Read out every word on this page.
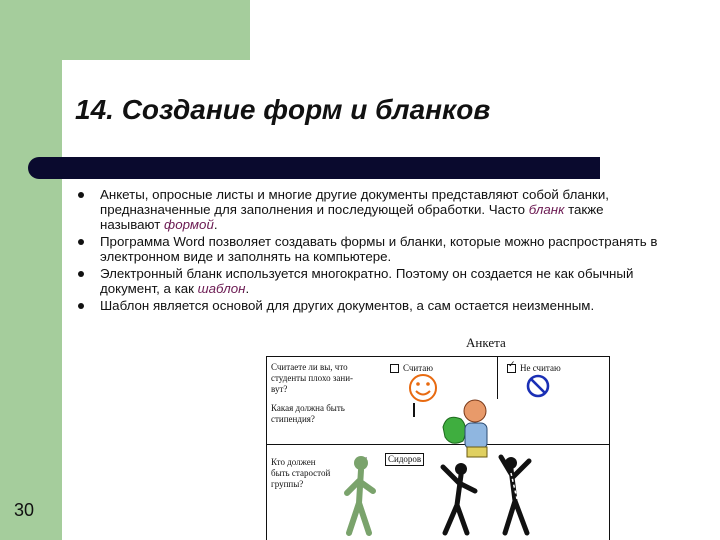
14. Создание форм и бланков
Анкеты, опросные листы и многие другие документы представляют собой бланки, предназначенные для заполнения и последующей обработки. Часто бланк также называют формой.
Программа Word позволяет создавать формы и бланки, которые можно распространять в электронном виде и заполнять на компьютере.
Электронный бланк используется многократно. Поэтому он создается не как обычный документ, а как шаблон.
Шаблон является основой для других документов, а сам остается неизменным.
30
Анкета

Считаете ли вы, что
студенты плохо зани-
вут?

Считаю	✓ Не считаю

Какая должна быть
стипендия?

Кто должен
быть старостой
группы?

Сидоров
